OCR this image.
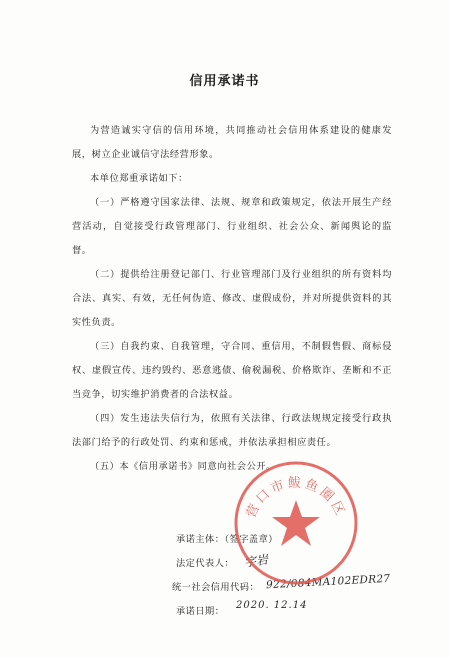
信用承诺书

为营造诚实守信的信用环境，共同推动社会信用体系建设的健康发展，树立企业诚信守法经营形象。

本单位郑重承诺如下：

（一）严格遵守国家法律、法规、规章和政策规定，依法开展生产经营活动，自觉接受行政管理部门、行业组织、社会公众、新闻舆论的监督。

（二）提供给注册登记部门、行业管理部门及行业组织的所有资料均合法、真实、有效，无任何伪造、修改、虚假成份，并对所提供资料的其实性负责。

（三）自我约束、自我管理，守合同、重信用，不制假售假、商标侵权、虚假宣传、违约毁约、恶意逃债、偷税漏税、价格欺诈、垄断和不正当竞争，切实维护消费者的合法权益。

（四）发生违法失信行为，依照有关法律、行政法规规定接受行政执法部门给予的行政处罚、约束和惩戒，并依法承担相应责任。

（五）本《信用承诺书》同意向社会公开。

承诺主体：（签字盖章）
法定代表人：
统一社会信用代码：
承诺日期：
字岩
922/084MA102EDR27
2020. 12.14
营口市鲅鱼圈区
